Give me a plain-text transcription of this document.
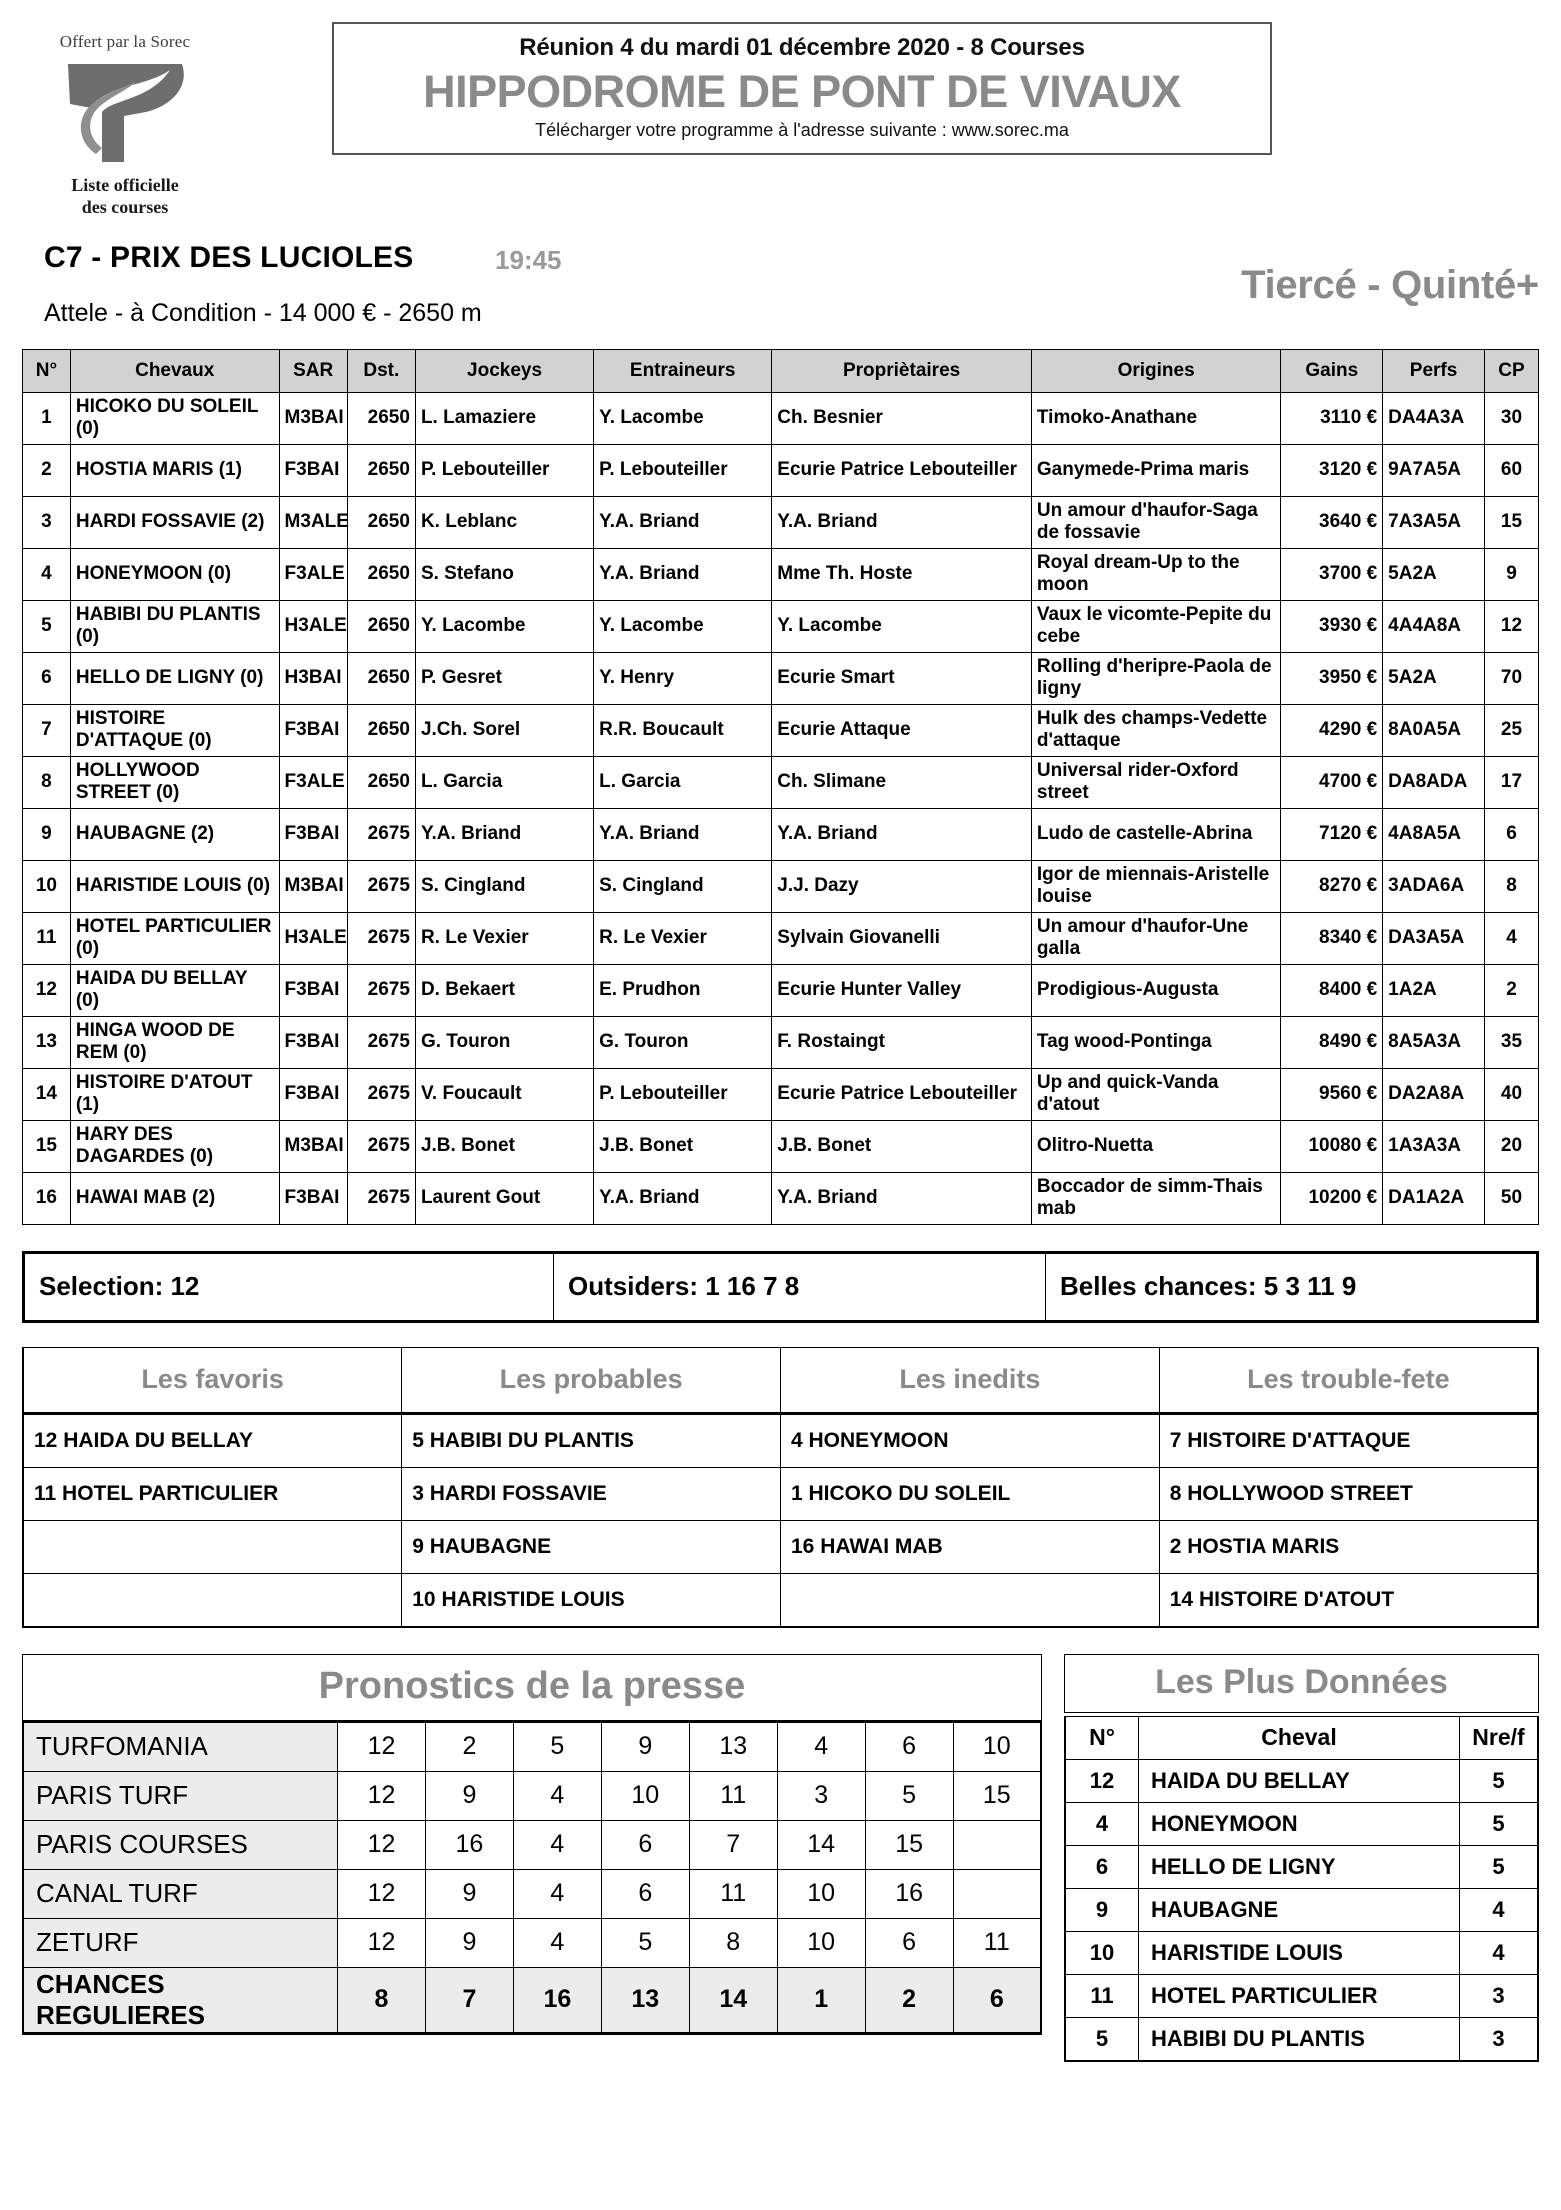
Offert par la Sorec
Liste officielle
des courses
Réunion 4 du mardi 01 décembre 2020 - 8 Courses
HIPPODROME DE PONT DE VIVAUX
Télécharger votre programme à l'adresse suivante : www.sorec.ma
C7 - PRIX DES LUCIOLES	19:45
Attele - à Condition - 14 000 € - 2650 m
Tiercé - Quinté+
N°	Chevaux	SAR	Dst.	Jockeys	Entraineurs	Propriètaires	Origines	Gains	Perfs	CP
1	HICOKO DU SOLEIL (0)	M3BAI	2650	L. Lamaziere	Y. Lacombe	Ch. Besnier	Timoko-Anathane	3110 €	DA4A3A	30
2	HOSTIA MARIS (1)	F3BAI	2650	P. Lebouteiller	P. Lebouteiller	Ecurie Patrice Lebouteiller	Ganymede-Prima maris	3120 €	9A7A5A	60
3	HARDI FOSSAVIE (2)	M3ALE	2650	K. Leblanc	Y.A. Briand	Y.A. Briand	Un amour d'haufor-Saga de fossavie	3640 €	7A3A5A	15
4	HONEYMOON (0)	F3ALE	2650	S. Stefano	Y.A. Briand	Mme Th. Hoste	Royal dream-Up to the moon	3700 €	5A2A	9
5	HABIBI DU PLANTIS (0)	H3ALE	2650	Y. Lacombe	Y. Lacombe	Y. Lacombe	Vaux le vicomte-Pepite du cebe	3930 €	4A4A8A	12
6	HELLO DE LIGNY (0)	H3BAI	2650	P. Gesret	Y. Henry	Ecurie Smart	Rolling d'heripre-Paola de ligny	3950 €	5A2A	70
7	HISTOIRE D'ATTAQUE (0)	F3BAI	2650	J.Ch. Sorel	R.R. Boucault	Ecurie Attaque	Hulk des champs-Vedette d'attaque	4290 €	8A0A5A	25
8	HOLLYWOOD STREET (0)	F3ALE	2650	L. Garcia	L. Garcia	Ch. Slimane	Universal rider-Oxford street	4700 €	DA8ADA	17
9	HAUBAGNE (2)	F3BAI	2675	Y.A. Briand	Y.A. Briand	Y.A. Briand	Ludo de castelle-Abrina	7120 €	4A8A5A	6
10	HARISTIDE LOUIS (0)	M3BAI	2675	S. Cingland	S. Cingland	J.J. Dazy	Igor de miennais-Aristelle louise	8270 €	3ADA6A	8
11	HOTEL PARTICULIER (0)	H3ALE	2675	R. Le Vexier	R. Le Vexier	Sylvain Giovanelli	Un amour d'haufor-Une galla	8340 €	DA3A5A	4
12	HAIDA DU BELLAY (0)	F3BAI	2675	D. Bekaert	E. Prudhon	Ecurie Hunter Valley	Prodigious-Augusta	8400 €	1A2A	2
13	HINGA WOOD DE REM (0)	F3BAI	2675	G. Touron	G. Touron	F. Rostaingt	Tag wood-Pontinga	8490 €	8A5A3A	35
14	HISTOIRE D'ATOUT (1)	F3BAI	2675	V. Foucault	P. Lebouteiller	Ecurie Patrice Lebouteiller	Up and quick-Vanda d'atout	9560 €	DA2A8A	40
15	HARY DES DAGARDES (0)	M3BAI	2675	J.B. Bonet	J.B. Bonet	J.B. Bonet	Olitro-Nuetta	10080 €	1A3A3A	20
16	HAWAI MAB (2)	F3BAI	2675	Laurent Gout	Y.A. Briand	Y.A. Briand	Boccador de simm-Thais mab	10200 €	DA1A2A	50
Selection: 12	Outsiders: 1 16 7 8	Belles chances: 5 3 11 9
Les favoris	Les probables	Les inedits	Les trouble-fete
12 HAIDA DU BELLAY	5 HABIBI DU PLANTIS	4 HONEYMOON	7 HISTOIRE D'ATTAQUE
11 HOTEL PARTICULIER	3 HARDI FOSSAVIE	1 HICOKO DU SOLEIL	8 HOLLYWOOD STREET
	9 HAUBAGNE	16 HAWAI MAB	2 HOSTIA MARIS
	10 HARISTIDE LOUIS		14 HISTOIRE D'ATOUT
Pronostics de la presse
TURFOMANIA	12	2	5	9	13	4	6	10
PARIS TURF	12	9	4	10	11	3	5	15
PARIS COURSES	12	16	4	6	7	14	15	
CANAL TURF	12	9	4	6	11	10	16	
ZETURF	12	9	4	5	8	10	6	11
CHANCES REGULIERES	8	7	16	13	14	1	2	6
Les Plus Données
N°	Cheval	Nre/f
12	HAIDA DU BELLAY	5
4	HONEYMOON	5
6	HELLO DE LIGNY	5
9	HAUBAGNE	4
10	HARISTIDE LOUIS	4
11	HOTEL PARTICULIER	3
5	HABIBI DU PLANTIS	3
